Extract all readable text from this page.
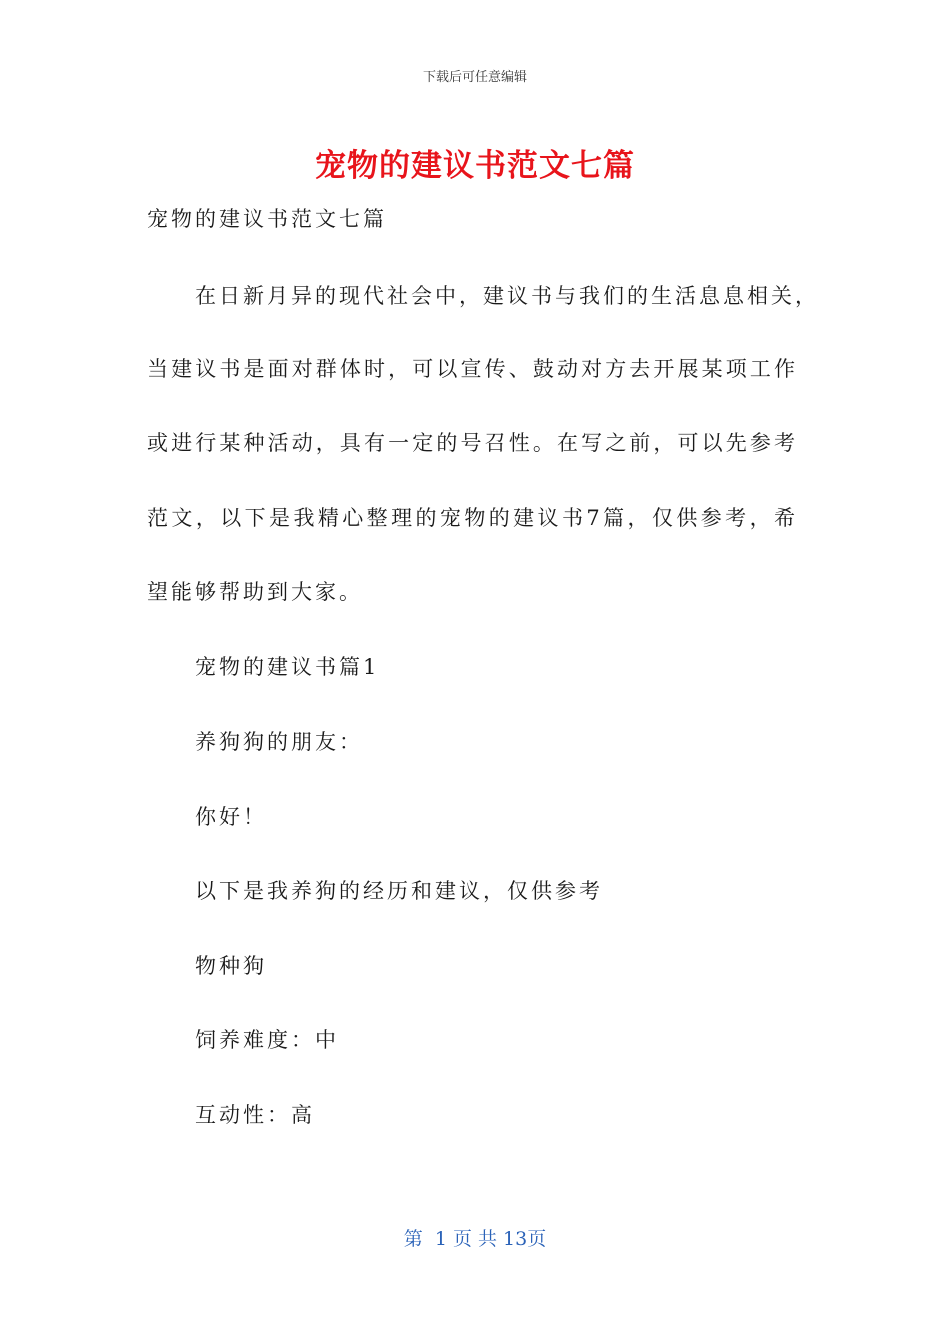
下载后可任意编辑
宠物的建议书范文七篇
宠物的建议书范文七篇
在日新月异的现代社会中，建议书与我们的生活息息相关，
当建议书是面对群体时，可以宣传、鼓动对方去开展某项工作
或进行某种活动，具有一定的号召性。在写之前，可以先参考
范文，以下是我精心整理的宠物的建议书7篇，仅供参考，希
望能够帮助到大家。
宠物的建议书篇1
养狗狗的朋友：
你好！
以下是我养狗的经历和建议，仅供参考
物种狗
饲养难度：中
互动性：高
第  1 页 共 13页
